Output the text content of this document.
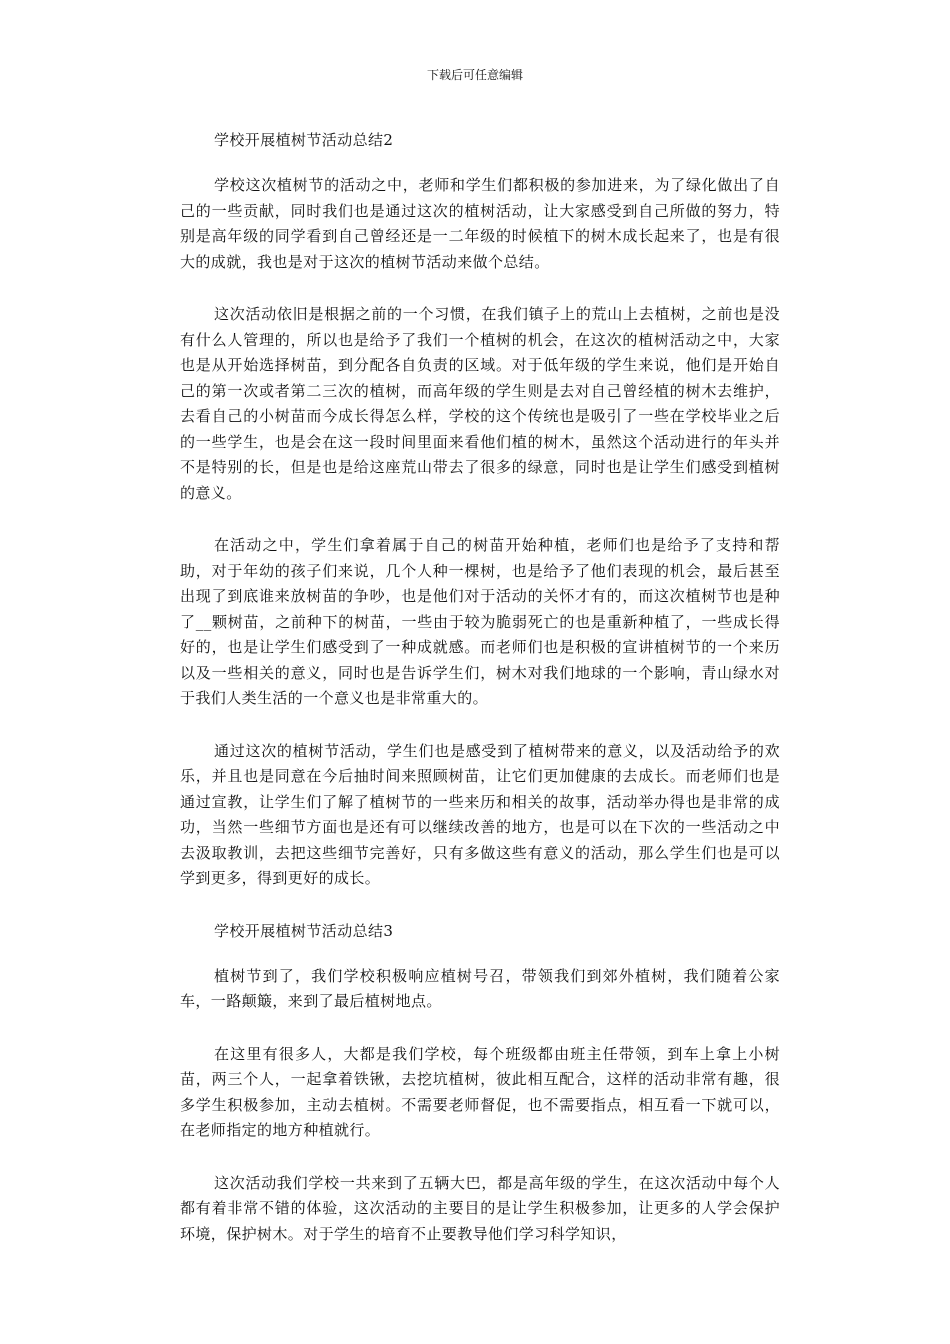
下载后可任意编辑

学校开展植树节活动总结2

学校这次植树节的活动之中，老师和学生们都积极的参加进来，为了绿化做出了自己的一些贡献，同时我们也是通过这次的植树活动，让大家感受到自己所做的努力，特别是高年级的同学看到自己曾经还是一二年级的时候植下的树木成长起来了，也是有很大的成就，我也是对于这次的植树节活动来做个总结。

这次活动依旧是根据之前的一个习惯，在我们镇子上的荒山上去植树，之前也是没有什么人管理的，所以也是给予了我们一个植树的机会，在这次的植树活动之中，大家也是从开始选择树苗，到分配各自负责的区域。对于低年级的学生来说，他们是开始自己的第一次或者第二三次的植树，而高年级的学生则是去对自己曾经植的树木去维护，去看自己的小树苗而今成长得怎么样，学校的这个传统也是吸引了一些在学校毕业之后的一些学生，也是会在这一段时间里面来看他们植的树木，虽然这个活动进行的年头并不是特别的长，但是也是给这座荒山带去了很多的绿意，同时也是让学生们感受到植树的意义。

在活动之中，学生们拿着属于自己的树苗开始种植，老师们也是给予了支持和帮助，对于年幼的孩子们来说，几个人种一棵树，也是给予了他们表现的机会，最后甚至出现了到底谁来放树苗的争吵，也是他们对于活动的关怀才有的，而这次植树节也是种了__颗树苗，之前种下的树苗，一些由于较为脆弱死亡的也是重新种植了，一些成长得好的，也是让学生们感受到了一种成就感。而老师们也是积极的宣讲植树节的一个来历以及一些相关的意义，同时也是告诉学生们，树木对我们地球的一个影响，青山绿水对于我们人类生活的一个意义也是非常重大的。

通过这次的植树节活动，学生们也是感受到了植树带来的意义，以及活动给予的欢乐，并且也是同意在今后抽时间来照顾树苗，让它们更加健康的去成长。而老师们也是通过宣教，让学生们了解了植树节的一些来历和相关的故事，活动举办得也是非常的成功，当然一些细节方面也是还有可以继续改善的地方，也是可以在下次的一些活动之中去汲取教训，去把这些细节完善好，只有多做这些有意义的活动，那么学生们也是可以学到更多，得到更好的成长。

学校开展植树节活动总结3

植树节到了，我们学校积极响应植树号召，带领我们到郊外植树，我们随着公家车，一路颠簸，来到了最后植树地点。

在这里有很多人，大都是我们学校，每个班级都由班主任带领，到车上拿上小树苗，两三个人，一起拿着铁锹，去挖坑植树，彼此相互配合，这样的活动非常有趣，很多学生积极参加，主动去植树。不需要老师督促，也不需要指点，相互看一下就可以，在老师指定的地方种植就行。

这次活动我们学校一共来到了五辆大巴，都是高年级的学生，在这次活动中每个人都有着非常不错的体验，这次活动的主要目的是让学生积极参加，让更多的人学会保护环境，保护树木。对于学生的培育不止要教导他们学习科学知识，
